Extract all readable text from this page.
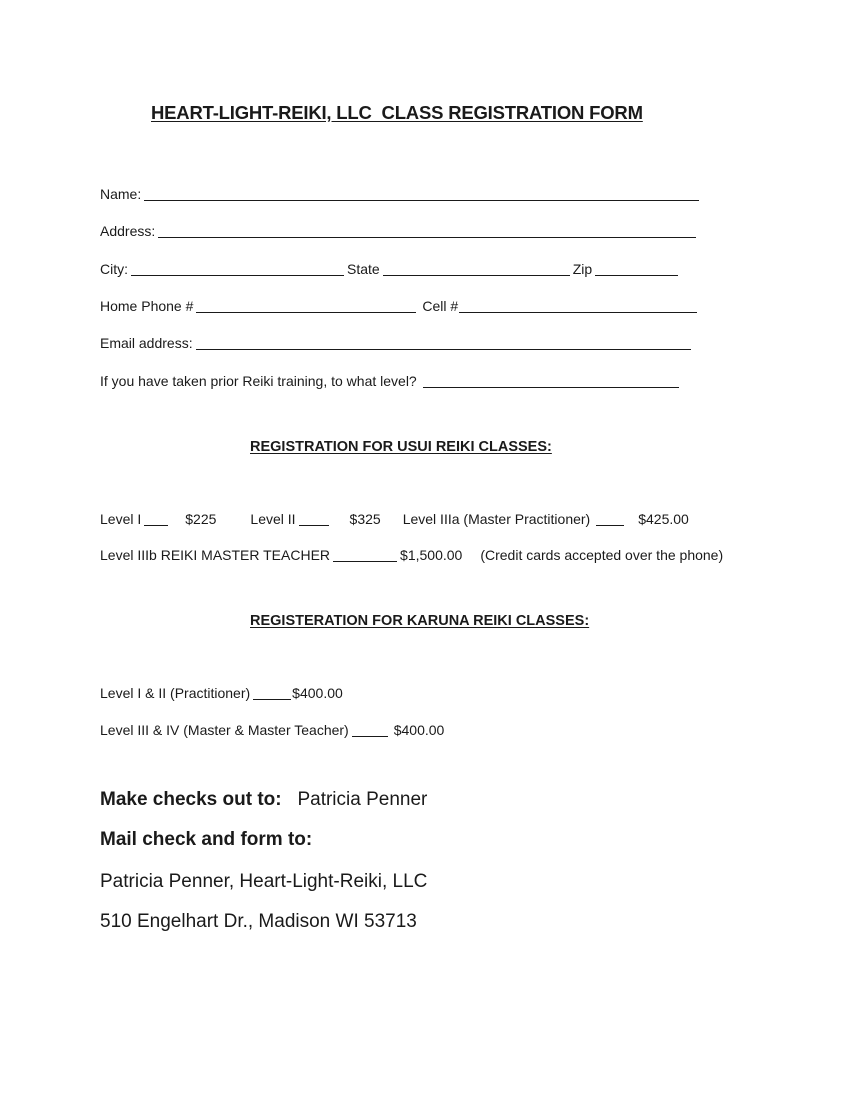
HEART-LIGHT-REIKI, LLC  CLASS REGISTRATION FORM
Name:
Address:
City:	State	Zip
Home Phone #	Cell #
Email address:
If you have taken prior Reiki training, to what level?
REGISTRATION FOR USUI REIKI CLASSES:
Level I	$225 Level II	$325 Level IIIa (Master Practitioner)	$425.00
Level IIIb REIKI MASTER TEACHER	$1,500.00 (Credit cards accepted over the phone)
REGISTERATION FOR KARUNA REIKI CLASSES:
Level I & II (Practitioner)	$400.00
Level III & IV (Master & Master Teacher)	$400.00
Make checks out to:   Patricia Penner
Mail check and form to:
Patricia Penner, Heart-Light-Reiki, LLC
510 Engelhart Dr., Madison WI 53713
